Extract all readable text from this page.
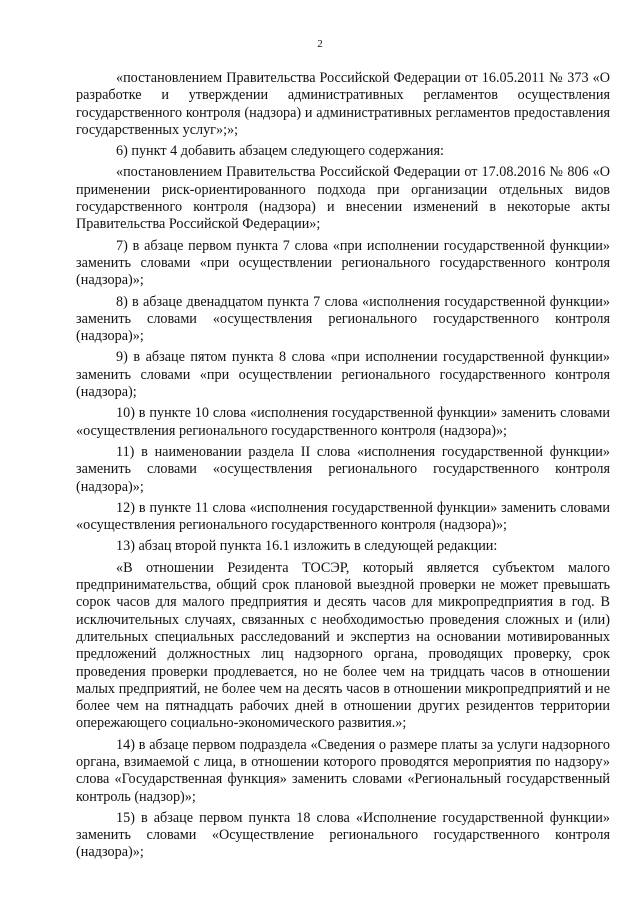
2

«постановлением Правительства Российской Федерации от 16.05.2011 № 373 «О разработке и утверждении административных регламентов осуществления государственного контроля (надзора) и административных регламентов предоставления государственных услуг»;»;

6) пункт 4 добавить абзацем следующего содержания:

«постановлением Правительства Российской Федерации от 17.08.2016 № 806 «О применении риск-ориентированного подхода при организации отдельных видов государственного контроля (надзора) и внесении изменений в некоторые акты Правительства Российской Федерации»;

7) в абзаце первом пункта 7 слова «при исполнении государственной функции» заменить словами «при осуществлении регионального государственного контроля (надзора)»;

8) в абзаце двенадцатом пункта 7 слова «исполнения государственной функции» заменить словами «осуществления регионального государственного контроля (надзора)»;

9) в абзаце пятом пункта 8 слова «при исполнении государственной функции» заменить словами «при осуществлении регионального государственного контроля (надзора);

10) в пункте 10 слова «исполнения государственной функции» заменить словами «осуществления регионального государственного контроля (надзора)»;

11) в наименовании раздела II слова «исполнения государственной функции» заменить словами «осуществления регионального государственного контроля (надзора)»;

12) в пункте 11 слова «исполнения государственной функции» заменить словами «осуществления регионального государственного контроля (надзора)»;

13) абзац второй пункта 16.1 изложить в следующей редакции:

«В отношении Резидента ТОСЭР, который является субъектом малого предпринимательства, общий срок плановой выездной проверки не может превышать сорок часов для малого предприятия и десять часов для микропредприятия в год. В исключительных случаях, связанных с необходимостью проведения сложных и (или) длительных специальных расследований и экспертиз на основании мотивированных предложений должностных лиц надзорного органа, проводящих проверку, срок проведения проверки продлевается, но не более чем на тридцать часов в отношении малых предприятий, не более чем на десять часов в отношении микропредприятий и не более чем на пятнадцать рабочих дней в отношении других резидентов территории опережающего социально-экономического развития.»;

14) в абзаце первом подраздела «Сведения о размере платы за услуги надзорного органа, взимаемой с лица, в отношении которого проводятся мероприятия по надзору» слова «Государственная функция» заменить словами «Региональный государственный контроль (надзор)»;

15) в абзаце первом пункта 18 слова «Исполнение государственной функции» заменить словами «Осуществление регионального государственного контроля (надзора)»;
